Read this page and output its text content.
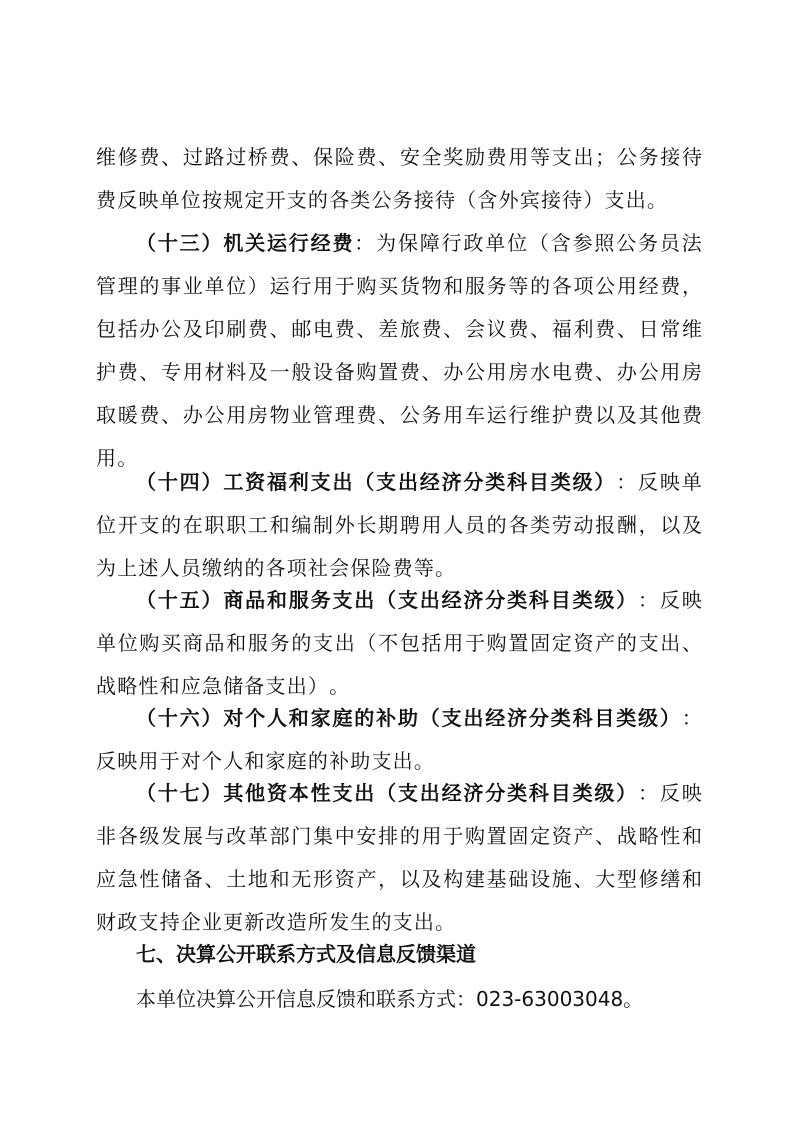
维 修 费 、 过 路 过 桥 费 、 保 险 费 、 安 全 奖 励 费 用 等 支 出 ； 公 务 接 待
费 反 映 单 位 按 规 定 开 支 的 各 类 公 务 接 待 （ 含 外 宾 接 待 ） 支 出 。
（ 十 三 ） 机 关 运 行 经 费 ： 为 保 障 行 政 单 位 （ 含 参 照 公 务 员 法
管 理 的 事 业 单 位 ） 运 行 用 于 购 买 货 物 和 服 务 等 的 各 项 公 用 经 费 ，
包 括 办 公 及 印 刷 费 、 邮 电 费 、 差 旅 费 、 会 议 费 、 福 利 费 、 日 常 维
护 费 、 专 用 材 料 及 一 般 设 备 购 置 费 、 办 公 用 房 水 电 费 、 办 公 用 房
取 暖 费 、 办 公 用 房 物 业 管 理 费 、 公 务 用 车 运 行 维 护 费 以 及 其 他 费
用 。
（ 十 四 ） 工 资 福 利 支 出 （ 支 出 经 济 分 类 科 目 类 级 ） ： 反 映 单
位 开 支 的 在 职 职 工 和 编 制 外 长 期 聘 用 人 员 的 各 类 劳 动 报 酬 ， 以 及
为 上 述 人 员 缴 纳 的 各 项 社 会 保 险 费 等 。
（ 十 五 ） 商 品 和 服 务 支 出 （ 支 出 经 济 分 类 科 目 类 级 ） ： 反 映
单 位 购 买 商 品 和 服 务 的 支 出 （ 不 包 括 用 于 购 置 固 定 资 产 的 支 出 、
战 略 性 和 应 急 储 备 支 出 ） 。
（ 十 六 ） 对 个 人 和 家 庭 的 补 助 （ 支 出 经 济 分 类 科 目 类 级 ） ：
反 映 用 于 对 个 人 和 家 庭 的 补 助 支 出 。
（ 十 七 ） 其 他 资 本 性 支 出 （ 支 出 经 济 分 类 科 目 类 级 ） ： 反 映
非 各 级 发 展 与 改 革 部 门 集 中 安 排 的 用 于 购 置 固 定 资 产 、 战 略 性 和
应 急 性 储 备 、 土 地 和 无 形 资 产 ， 以 及 构 建 基 础 设 施 、 大 型 修 缮 和
财 政 支 持 企 业 更 新 改 造 所 发 生 的 支 出 。
七、决算公开联系方式及信息反馈渠道
本单位决算公开信息反馈和联系方式：023-63003048。
